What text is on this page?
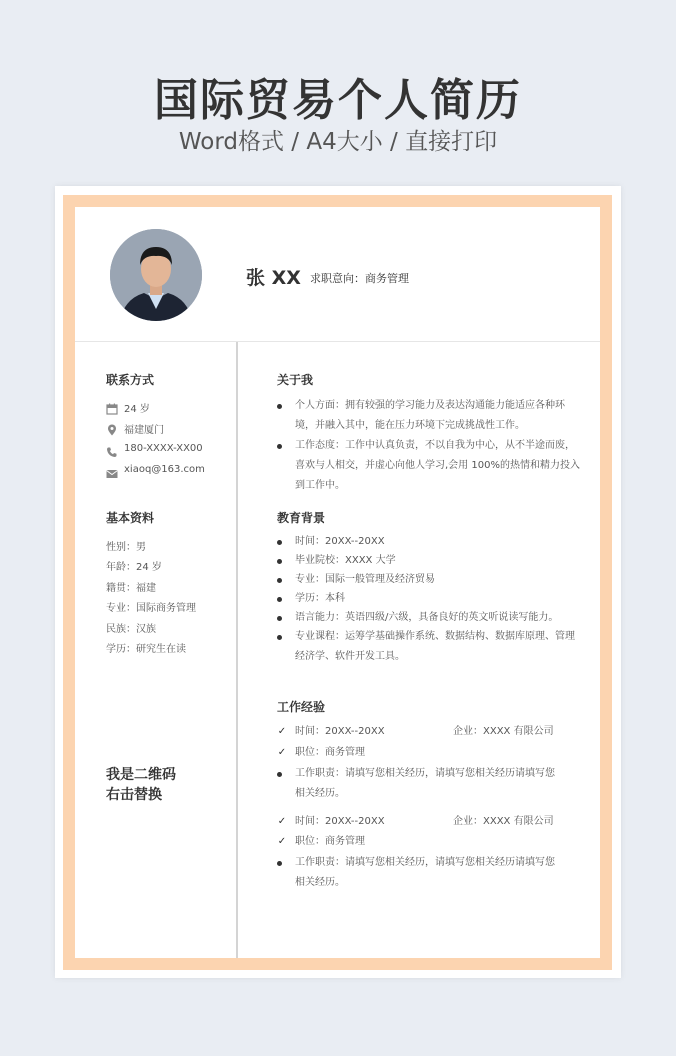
国际贸易个人简历
Word格式 / A4大小 / 直接打印
张 XX 求职意向：商务管理
联系方式
24 岁
福建厦门
180-XXXX-XX00
xiaoq@163.com
基本资料
性别：男
年龄：24 岁
籍贯：福建
专业：国际商务管理
民族：汉族
学历：研究生在读
我是二维码
右击替换
关于我
个人方面：拥有较强的学习能力及表达沟通能力能适应各种环境，并融入其中，能在压力环境下完成挑战性工作。
工作态度：工作中认真负责，不以自我为中心，从不半途而废，喜欢与人相交，并虚心向他人学习,会用 100%的热情和精力投入到工作中。
教育背景
时间：20XX--20XX
毕业院校：XXXX 大学
专业：国际一般管理及经济贸易
学历：本科
语言能力：英语四级/六级，具备良好的英文听说读写能力。
专业课程：运筹学基础操作系统、数据结构、数据库原理、管理经济学、软件开发工具。
工作经验
✓ 时间：20XX--20XX	企业：XXXX 有限公司
✓ 职位：商务管理
工作职责：请填写您相关经历，请填写您相关经历请填写您相关经历。
✓ 时间：20XX--20XX	企业：XXXX 有限公司
✓ 职位：商务管理
工作职责：请填写您相关经历，请填写您相关经历请填写您相关经历。
